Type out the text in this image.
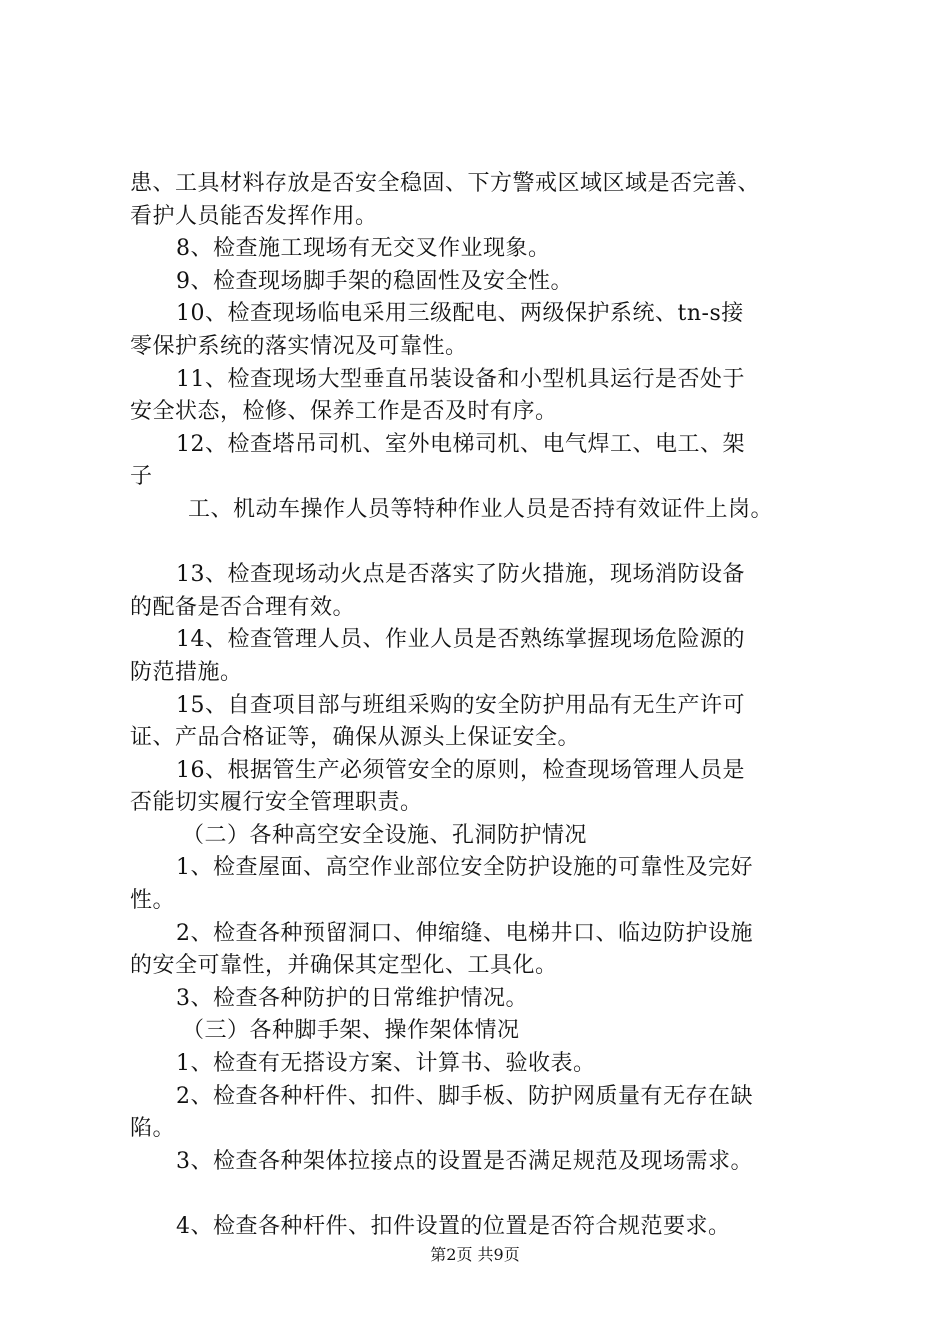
患、工具材料存放是否安全稳固、下方警戒区域区域是否完善、
看护人员能否发挥作用。
8、检查施工现场有无交叉作业现象。
9、检查现场脚手架的稳固性及安全性。
10、检查现场临电采用三级配电、两级保护系统、tn-s接
零保护系统的落实情况及可靠性。
11、检查现场大型垂直吊装设备和小型机具运行是否处于
安全状态，检修、保养工作是否及时有序。
12、检查塔吊司机、室外电梯司机、电气焊工、电工、架
子
工、机动车操作人员等特种作业人员是否持有效证件上岗。
13、检查现场动火点是否落实了防火措施，现场消防设备
的配备是否合理有效。
14、检查管理人员、作业人员是否熟练掌握现场危险源的
防范措施。
15、自查项目部与班组采购的安全防护用品有无生产许可
证、产品合格证等，确保从源头上保证安全。
16、根据管生产必须管安全的原则，检查现场管理人员是
否能切实履行安全管理职责。
（二）各种高空安全设施、孔洞防护情况
1、检查屋面、高空作业部位安全防护设施的可靠性及完好
性。
2、检查各种预留洞口、伸缩缝、电梯井口、临边防护设施
的安全可靠性，并确保其定型化、工具化。
3、检查各种防护的日常维护情况。
（三）各种脚手架、操作架体情况
1、检查有无搭设方案、计算书、验收表。
2、检查各种杆件、扣件、脚手板、防护网质量有无存在缺
陷。
3、检查各种架体拉接点的设置是否满足规范及现场需求。
4、检查各种杆件、扣件设置的位置是否符合规范要求。
第2页 共9页
